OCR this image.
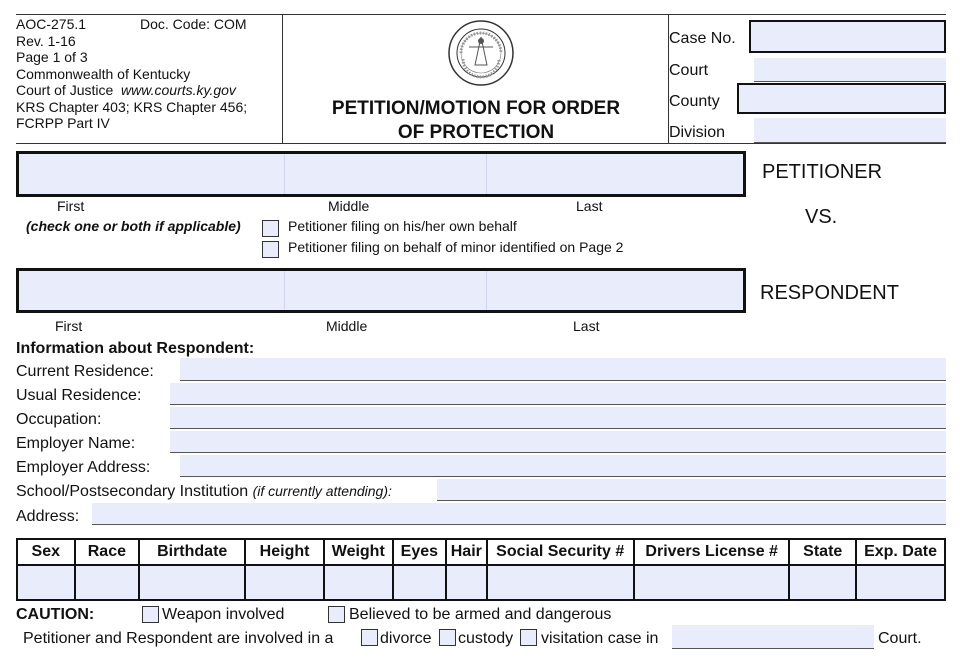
AOC-275.1	Doc. Code: COM
Rev. 1-16
Page 1 of 3
Commonwealth of Kentucky
Court of Justice www.courts.ky.gov
KRS Chapter 403; KRS Chapter 456;
FCRPP Part IV
PETITION/MOTION FOR ORDER
OF PROTECTION
Case No.
Court
County
Division
PETITIONER
First	Middle	Last
(check one or both if applicable)	Petitioner filing on his/her own behalf
Petitioner filing on behalf of minor identified on Page 2
VS.
RESPONDENT
First	Middle	Last
Information about Respondent:
Current Residence:
Usual Residence:
Occupation:
Employer Name:
Employer Address:
School/Postsecondary Institution (if currently attending):
Address:
Sex	Race	Birthdate	Height	Weight	Eyes	Hair	Social Security #	Drivers License #	State	Exp. Date

CAUTION:	Weapon involved	Believed to be armed and dangerous
Petitioner and Respondent are involved in a	divorce custody visitation case in	Court.
